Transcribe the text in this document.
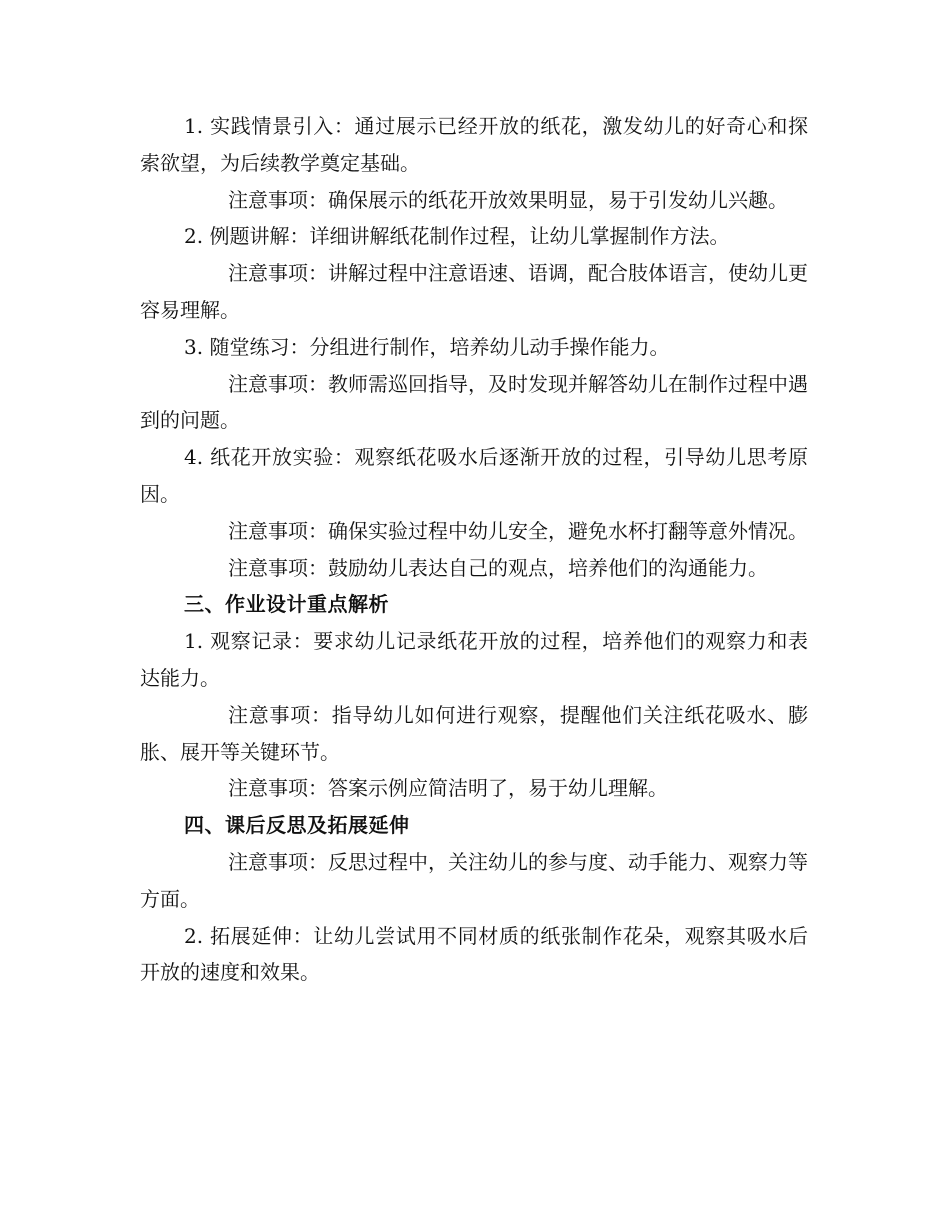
1. 实践情景引入：通过展示已经开放的纸花，激发幼儿的好奇心和探索欲望，为后续教学奠定基础。

注意事项：确保展示的纸花开放效果明显，易于引发幼儿兴趣。

2. 例题讲解：详细讲解纸花制作过程，让幼儿掌握制作方法。

注意事项：讲解过程中注意语速、语调，配合肢体语言，使幼儿更容易理解。

3. 随堂练习：分组进行制作，培养幼儿动手操作能力。

注意事项：教师需巡回指导，及时发现并解答幼儿在制作过程中遇到的问题。

4. 纸花开放实验：观察纸花吸水后逐渐开放的过程，引导幼儿思考原因。

注意事项：确保实验过程中幼儿安全，避免水杯打翻等意外情况。

注意事项：鼓励幼儿表达自己的观点，培养他们的沟通能力。

三、作业设计重点解析

1. 观察记录：要求幼儿记录纸花开放的过程，培养他们的观察力和表达能力。

注意事项：指导幼儿如何进行观察，提醒他们关注纸花吸水、膨胀、展开等关键环节。

注意事项：答案示例应简洁明了，易于幼儿理解。

四、课后反思及拓展延伸

注意事项：反思过程中，关注幼儿的参与度、动手能力、观察力等方面。

2. 拓展延伸：让幼儿尝试用不同材质的纸张制作花朵，观察其吸水后开放的速度和效果。
